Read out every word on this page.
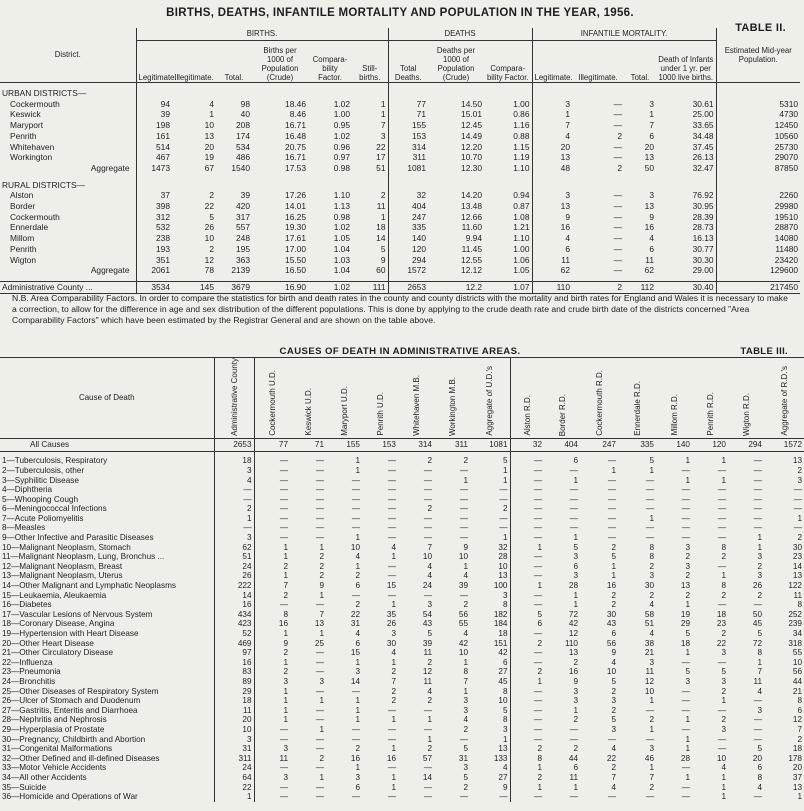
BIRTHS, DEATHS, INFANTILE MORTALITY AND POPULATION IN THE YEAR, 1956.
TABLE II.
District.	BIRTHS.						DEATHS			INFANTILE MORTALITY.				Estimated Mid-year Population.
	Legitimate.	Illegitimate.	Total.	Births per 1000 of Population (Crude)	Compara-bility Factor.	Still-births.	Total Deaths.	Deaths per 1000 of Population (Crude)	Compara-bility Factor.	Legitimate.	Illegitimate.	Total.	Death of Infants under 1 yr. per 1000 live births.	

URBAN DISTRICTS—														
Cockermouth	94	4	98	18.46	1.02	1	77	14.50	1.00	3	—	3	30.61	5310
Keswick	39	1	40	8.46	1.00	1	71	15.01	0.86	1	—	1	25.00	4730
Maryport	198	10	208	16.71	0.95	7	155	12.45	1.16	7	—	7	33.65	12450
Penrith	161	13	174	16.48	1.02	3	153	14.49	0.88	4	2	6	34.48	10560
Whitehaven	514	20	534	20.75	0.96	22	314	12.20	1.15	20	—	20	37.45	25730
Workington	467	19	486	16.71	0.97	17	311	10.70	1.19	13	—	13	26.13	29070
Aggregate	1473	67	1540	17.53	0.98	51	1081	12.30	1.10	48	2	50	32.47	87850

RURAL DISTRICTS—														
Alston	37	2	39	17.26	1.10	2	32	14.20	0.94	3	—	3	76.92	2260
Border	398	22	420	14.01	1.13	11	404	13.48	0.87	13	—	13	30.95	29980
Cockermouth	312	5	317	16.25	0.98	1	247	12.66	1.08	9	—	9	28.39	19510
Ennerdale	532	26	557	19.30	1.02	18	335	11.60	1.21	16	—	16	28.73	28870
Millom	238	10	248	17.61	1.05	14	140	9.94	1.10	4	—	4	16.13	14080
Penrith	193	2	195	17.00	1.04	5	120	11.45	1.00	6	—	6	30.77	11480
Wigton	351	12	363	15.50	1.03	9	294	12.55	1.06	11	—	11	30.30	23420
Aggregate	2061	78	2139	16.50	1.04	60	1572	12.12	1.05	62	—	62	29.00	129600

Administrative County ...	3534	145	3679	16.90	1.02	111	2653	12.2	1.07	110	2	112	30.40	217450
N.B. Area Comparability Factors. In order to compare the statistics for birth and death rates in the county and county districts with the mortality and birth rates for England and Wales it is necessary to make a correction, to allow for the difference in age and sex distribution of the different populations. This is done by applying to the crude death rate and crude birth date of the districts concerned "Area Comparability Factors" which have been estimated by the Registrar General and are shown on the table above.
CAUSES OF DEATH IN ADMINISTRATIVE AREAS.	TABLE III.
Cause of Death	Administrative County	Cockermouth U.D.	Keswick U.D.	Maryport U.D.	Penrith U.D.	Whitehaven M.B.	Workington M.B.	Aggregate of U.D.'s	Alston R.D.	Border R.D.	Cockermouth R.D.	Ennerdale R.D.	Millom R.D.	Penrith R.D.	Wigton R.D.	Aggregate of R.D.'s
All Causes	2653	77	71	155	153	314	311	1081	32	404	247	335	140	120	294	1572

1—Tuberculosis, Respiratory	18	—	—	1	—	2	2	5	—	6	—	5	1	1	—	13
2—Tuberculosis, other	3	—	—	1	—	—	—	1	—	—	1	1	—	—	—	2
3—Syphilitic Disease	4	—	—	—	—	—	1	1	—	1	—	—	1	1	—	3
4—Diphtheria	—	—	—	—	—	—	—	—	—	—	—	—	—	—	—	—
5—Whooping Cough	—	—	—	—	—	—	—	—	—	—	—	—	—	—	—	—
6—Meningococcal Infections	2	—	—	—	—	2	—	2	—	—	—	—	—	—	—	—
7—Acute Poliomyelitis	1	—	—	—	—	—	—	—	—	—	—	1	—	—	—	1
8—Measles	—	—	—	—	—	—	—	—	—	—	—	—	—	—	—	—
9—Other Infective and Parasitic Diseases	3	—	—	1	—	—	—	1	—	1	—	—	—	—	1	2
10—Malignant Neoplasm, Stomach	62	1	1	10	4	7	9	32	1	5	2	8	3	8	1	30
11—Malignant Neoplasm, Lung, Bronchus ...	51	1	2	4	1	10	10	28	—	3	5	8	2	2	3	23
12—Malignant Neoplasm, Breast	24	2	2	1	—	4	1	10	—	6	1	2	3	—	2	14
13—Malignant Neoplasm, Uterus	26	1	2	2	—	4	4	13	—	3	1	3	2	1	3	13
14—Other Malignant and Lymphatic Neoplasms	222	7	9	6	15	24	39	100	1	28	16	30	13	8	26	122
15—Leukaemia, Aleukaemia	14	2	1	—	—	—	—	3	—	1	2	2	2	2	2	11
16—Diabetes	16	—	—	2	1	3	2	8	—	1	2	4	1	—	—	8
17—Vascular Lesions of Nervous System	434	8	7	22	35	54	56	182	5	72	30	58	19	18	50	252
18—Coronary Disease, Angina	423	16	13	31	26	43	55	184	6	42	43	51	29	23	45	239
19—Hypertension with Heart Disease	52	1	1	4	3	5	4	18	—	12	6	4	5	2	5	34
20—Other Heart Disease	469	9	25	6	30	39	42	151	2	110	56	38	18	22	72	318
21—Other Circulatory Disease	97	2	—	15	4	11	10	42	—	13	9	21	1	3	8	55
22—Influenza	16	1	—	1	1	2	1	6	—	2	4	3	—	—	1	10
23—Pneumonia	83	2	—	3	2	12	8	27	2	16	10	11	5	5	7	56
24—Bronchitis	89	3	3	14	7	11	7	45	1	9	5	12	3	3	11	44
25—Other Diseases of Respiratory System	29	1	—	—	2	4	1	8	—	3	2	10	—	2	4	21
26—Ulcer of Stomach and Duodenum	18	1	1	1	2	2	3	10	—	3	3	1	—	1	—	8
27—Gastritis, Enteritis and Diarrhoea	11	1	—	1	—	—	3	5	—	1	2	—	—	—	3	6
28—Nephritis and Nephrosis	20	1	—	1	1	1	4	8	—	2	5	2	1	2	—	12
29—Hyperplasia of Prostate	10	—	1	—	—	—	2	3	—	—	3	1	—	3	—	7
30—Pregnancy, Childbirth and Abortion	3	—	—	—	—	1	—	1	—	—	—	—	1	—	—	2
31—Congenital Malformations	31	3	—	2	1	2	5	13	2	2	4	3	1	—	5	18
32—Other Defined and ill-defined Diseases	311	11	2	16	16	57	31	133	8	44	22	46	28	10	20	178
33—Motor Vehicle Accidents	24	—	—	1	—	—	3	4	1	6	2	1	—	4	6	20
34—All other Accidents	64	3	1	3	1	14	5	27	2	11	7	7	1	1	8	37
35—Suicide	22	—	—	6	1	—	2	9	1	1	4	2	—	1	4	13
36—Homicide and Operations of War	1	—	—	—	—	—	—	—	—	—	—	—	—	1	—	1
